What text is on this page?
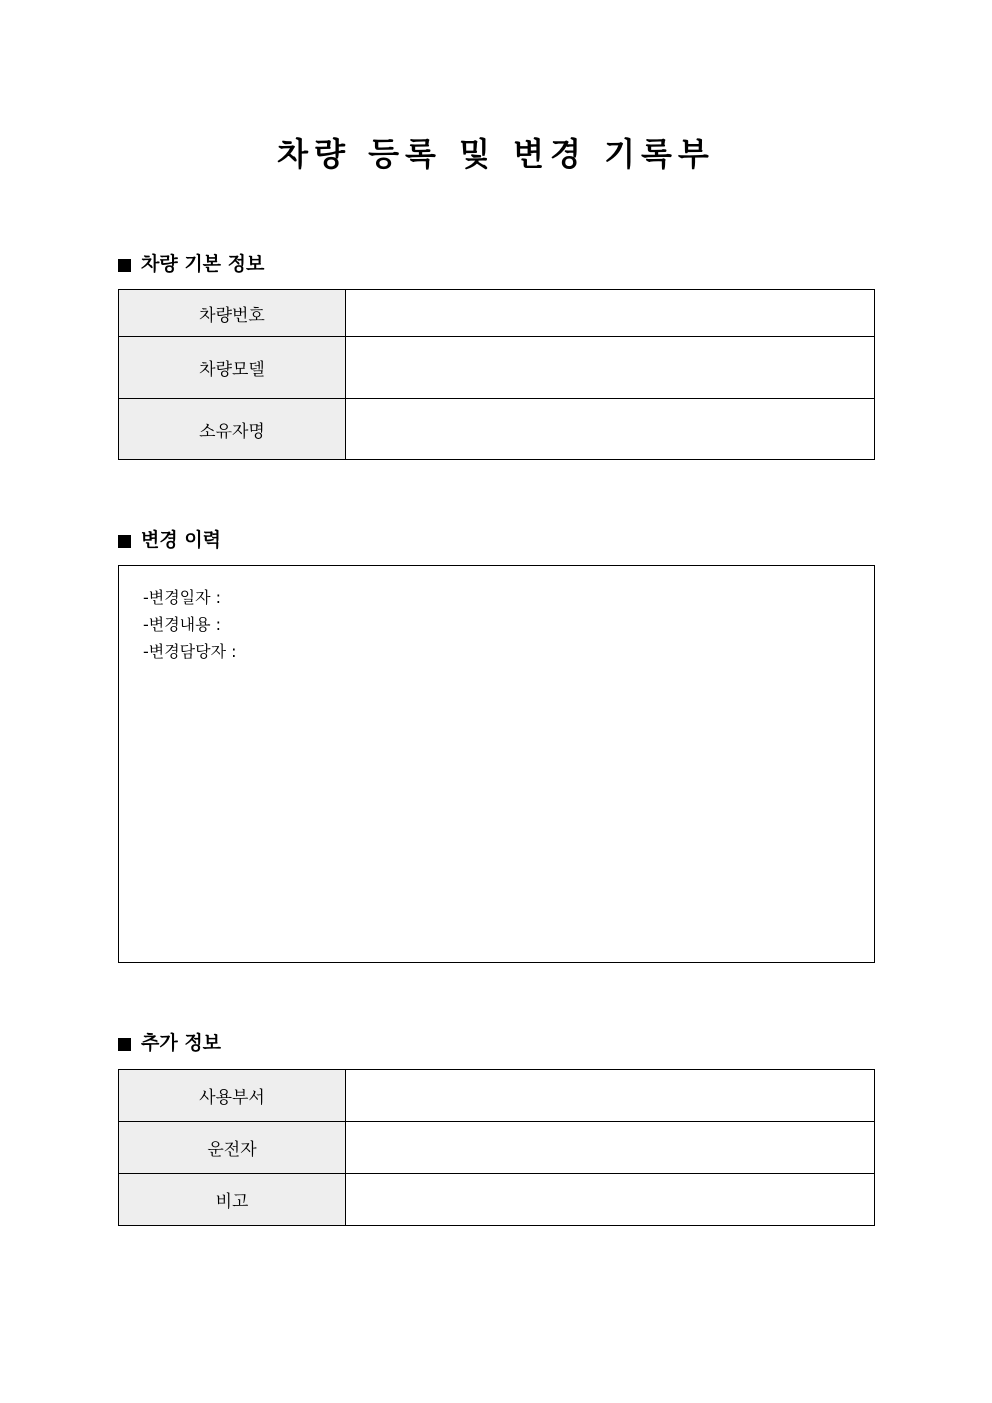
차량 등록 및 변경 기록부
차량 기본 정보
차량번호	
차량모델	
소유자명	
변경 이력
-변경일자 :
-변경내용 :
-변경담당자 :
추가 정보
사용부서	
운전자	
비고	
